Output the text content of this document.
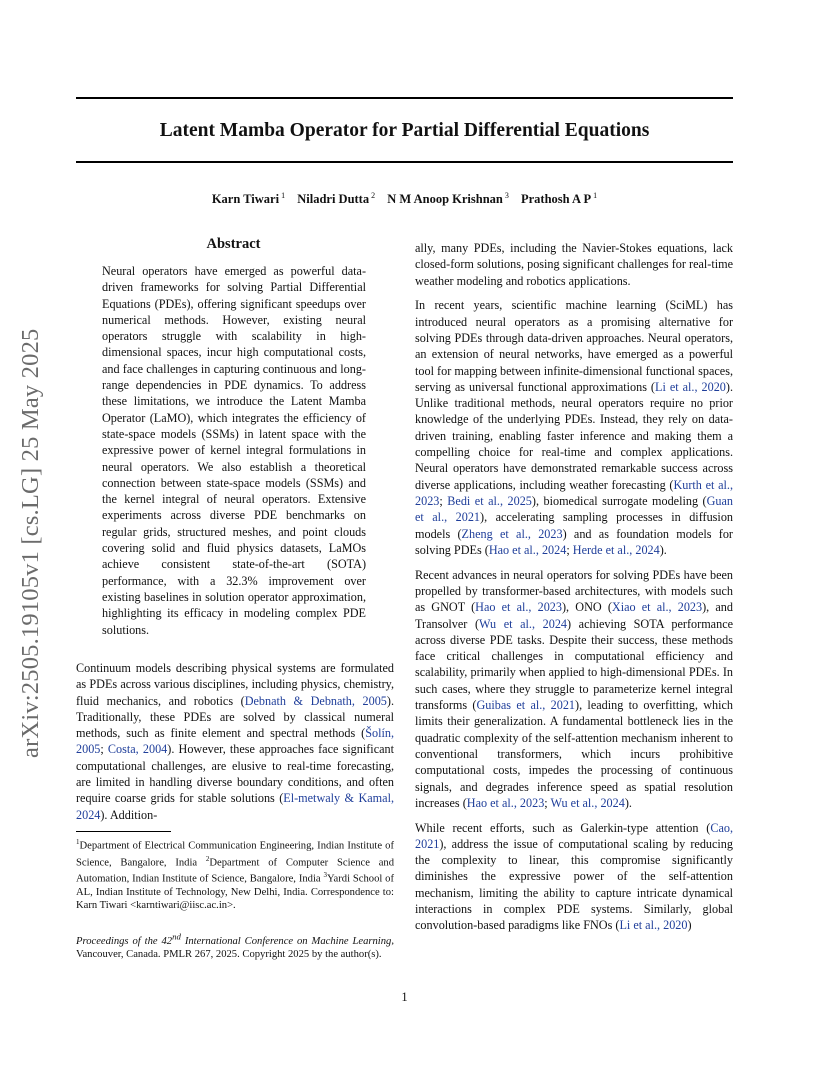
Latent Mamba Operator for Partial Differential Equations
Karn Tiwari $^1$ Niladri Dutta $^2$ N M Anoop Krishnan $^3$ Prathosh A P $^1$
arXiv:2505.19105v1 [cs.LG] 25 May 2025
Abstract
Neural operators have emerged as powerful data-driven frameworks for solving Partial Differential Equations (PDEs), offering significant speedups over numerical methods. However, existing neural operators struggle with scalability in high-dimensional spaces, incur high computational costs, and face challenges in capturing continuous and long-range dependencies in PDE dynamics. To address these limitations, we introduce the Latent Mamba Operator (LaMO), which integrates the efficiency of state-space models (SSMs) in latent space with the expressive power of kernel integral formulations in neural operators. We also establish a theoretical connection between state-space models (SSMs) and the kernel integral of neural operators. Extensive experiments across diverse PDE benchmarks on regular grids, structured meshes, and point clouds covering solid and fluid physics datasets, LaMOs achieve consistent state-of-the-art (SOTA) performance, with a 32.3% improvement over existing baselines in solution operator approximation, highlighting its efficacy in modeling complex PDE solutions.

Continuum models describing physical systems are formulated as PDEs across various disciplines, including physics, chemistry, fluid mechanics, and robotics (Debnath & Debnath, 2005). Traditionally, these PDEs are solved by classical numeral methods, such as finite element and spectral methods (Šolín, 2005; Costa, 2004). However, these approaches face significant computational challenges, are elusive to real-time forecasting, are limited in handling diverse boundary conditions, and often require coarse grids for stable solutions (El-metwaly & Kamal, 2024). Addition-

$^1$Department of Electrical Communication Engineering, Indian Institute of Science, Bangalore, India $^2$Department of Computer Science and Automation, Indian Institute of Science, Bangalore, India $^3$Yardi School of AL, Indian Institute of Technology, New Delhi, India. Correspondence to: Karn Tiwari <karntiwari@iisc.ac.in>.
Proceedings of the 42nd International Conference on Machine Learning, Vancouver, Canada. PMLR 267, 2025. Copyright 2025 by the author(s).

ally, many PDEs, including the Navier-Stokes equations, lack closed-form solutions, posing significant challenges for real-time weather modeling and robotics applications.

In recent years, scientific machine learning (SciML) has introduced neural operators as a promising alternative for solving PDEs through data-driven approaches. Neural operators, an extension of neural networks, have emerged as a powerful tool for mapping between infinite-dimensional functional spaces, serving as universal functional approximations (Li et al., 2020). Unlike traditional methods, neural operators require no prior knowledge of the underlying PDEs. Instead, they rely on data-driven training, enabling faster inference and making them a compelling choice for real-time and complex applications. Neural operators have demonstrated remarkable success across diverse applications, including weather forecasting (Kurth et al., 2023; Bedi et al., 2025), biomedical surrogate modeling (Guan et al., 2021), accelerating sampling processes in diffusion models (Zheng et al., 2023) and as foundation models for solving PDEs (Hao et al., 2024; Herde et al., 2024).

Recent advances in neural operators for solving PDEs have been propelled by transformer-based architectures, with models such as GNOT (Hao et al., 2023), ONO (Xiao et al., 2023), and Transolver (Wu et al., 2024) achieving SOTA performance across diverse PDE tasks. Despite their success, these methods face critical challenges in computational efficiency and scalability, primarily when applied to high-dimensional PDEs. In such cases, where they struggle to parameterize kernel integral transforms (Guibas et al., 2021), leading to overfitting, which limits their generalization. A fundamental bottleneck lies in the quadratic complexity of the self-attention mechanism inherent to conventional transformers, which incurs prohibitive computational costs, impedes the processing of continuous signals, and degrades inference speed as spatial resolution increases (Hao et al., 2023; Wu et al., 2024).

While recent efforts, such as Galerkin-type attention (Cao, 2021), address the issue of computational scaling by reducing the complexity to linear, this compromise significantly diminishes the expressive power of the self-attention mechanism, limiting the ability to capture intricate dynamical interactions in complex PDE systems. Similarly, global convolution-based paradigms like FNOs (Li et al., 2020)

1
